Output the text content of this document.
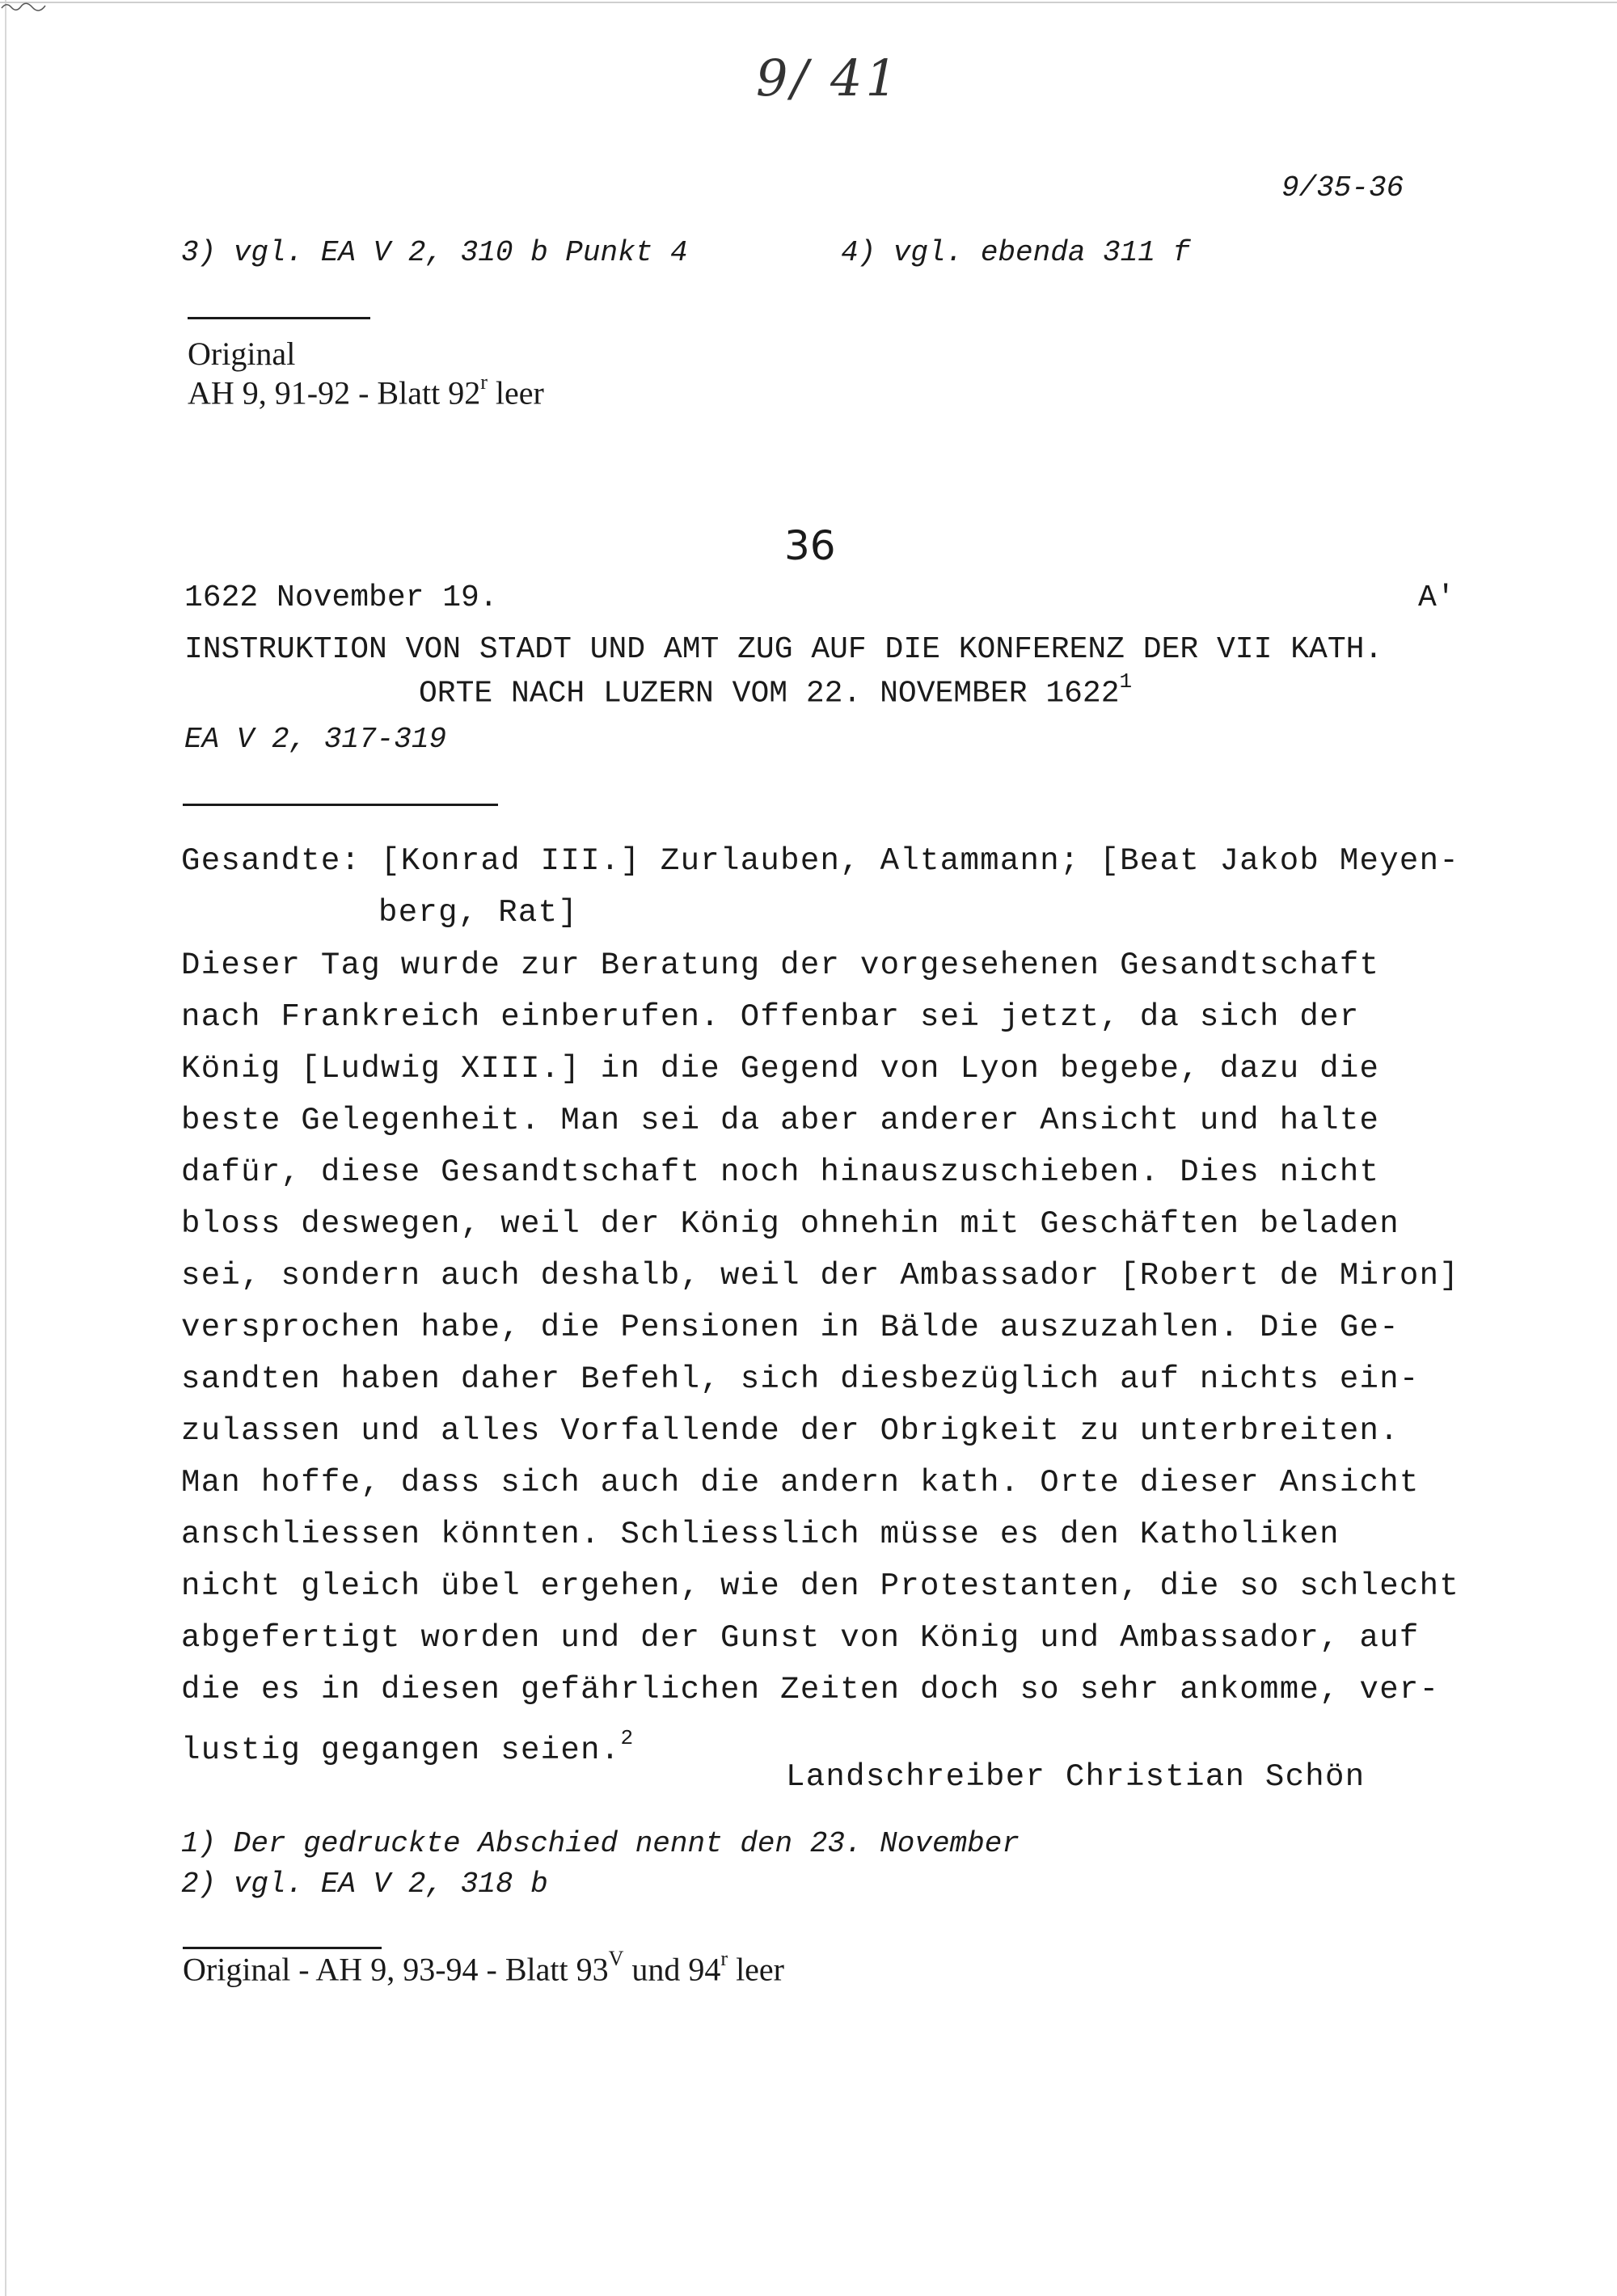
9/ 41
9/35-36
3) vgl. EA V 2, 310 b Punkt 4	4) vgl. ebenda 311 f
Original
AH 9, 91-92 - Blatt 92$^r$ leer
36
1622 November 19.	A'
INSTRUKTION VON STADT UND AMT ZUG AUF DIE KONFERENZ DER VII KATH.
ORTE NACH LUZERN VOM 22. NOVEMBER 1622$^1$
EA V 2, 317-319
Gesandte: [Konrad III.] Zurlauben, Altammann; [Beat Jakob Meyen-
berg, Rat]
Dieser Tag wurde zur Beratung der vorgesehenen Gesandtschaft
nach Frankreich einberufen. Offenbar sei jetzt, da sich der
König [Ludwig XIII.] in die Gegend von Lyon begebe, dazu die
beste Gelegenheit. Man sei da aber anderer Ansicht und halte
dafür, diese Gesandtschaft noch hinauszuschieben. Dies nicht
bloss deswegen, weil der König ohnehin mit Geschäften beladen
sei, sondern auch deshalb, weil der Ambassador [Robert de Miron]
versprochen habe, die Pensionen in Bälde auszuzahlen. Die Ge-
sandten haben daher Befehl, sich diesbezüglich auf nichts ein-
zulassen und alles Vorfallende der Obrigkeit zu unterbreiten.
Man hoffe, dass sich auch die andern kath. Orte dieser Ansicht
anschliessen könnten. Schliesslich müsse es den Katholiken
nicht gleich übel ergehen, wie den Protestanten, die so schlecht
abgefertigt worden und der Gunst von König und Ambassador, auf
die es in diesen gefährlichen Zeiten doch so sehr ankomme, ver-
lustig gegangen seien.$^2$
Landschreiber Christian Schön
1) Der gedruckte Abschied nennt den 23. November
2) vgl. EA V 2, 318 b
Original - AH 9, 93-94 - Blatt $93^V$ und 94$^r$ leer
